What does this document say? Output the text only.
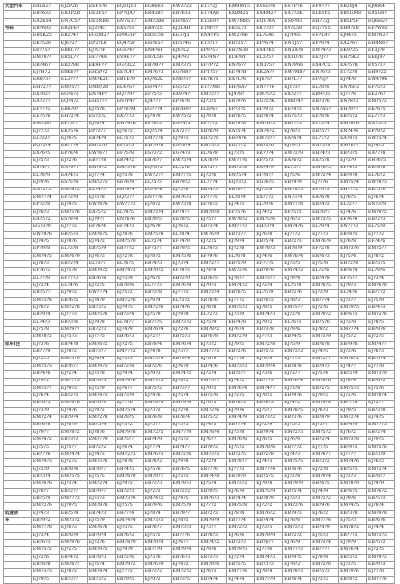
大型汽车	E8L627	EJ2P2h	EEF3?6	EQ2Q13	EG8663	EW3?22	ET7?2J	EM9M15	EVH3?6	ES7P76	EF97?7	EB20J8	EJ9664
	EB?632	ER3P2B	EE3F5?	EP?QA7	ER43B7	EB?633	ET74A6	EX8M25	EX4M2?	EX7?2K	EL65Y5	EB5GM8	EA5G8?
	EA2634	EN7C5?	EE3NR8	EN7E37	EM?2B6	EH?65?	ET2E9?	EW7M85	EQ1?6A	ES0?93	EH?72J	EB5P5F	EQ6H2?
号码	EB?693	ER2F6?	EJ3?4C	EX5?51	EB4?25	EJ2L4D	ET9P7?	EK5L71	EK7?3?	EY?L58	EQ7?55	EH9?28	EF?W92
	EB5K25	ER2?4?	EG3M2?	EP8G1P	ER5C58	EE3?J3	EN4?P5	EW2?86	EL?L46	EJ?P65	EV?L4?	EJ94?3	EM?N2?
	EK?526	EJ6?2?	EP2?L8	EQ4?5F	EH?65?	EE5?4G	ET3?1?	EB?257	EP?6?4	EN1J5?	EP?8?4	EA2?67	EH4N6?
	E8?75?	ER6C??	EJ?C?F	EG5?4?	EN4?61	EJ6?L2	EP9?57	EH?N38	EX4?K5	EN3A?8	EW?4?3	EK9?25	EF3J?9
	EM?8??	ER5L??	EF7?4A	EV9E7?	ER?L56	EJ4?93	ES?4N?	EL4?8Y	EL3?5?	EX1D?8	EE?J?7	EH?5K2	EE6J9?
	EB?46?	EB2?88	EK9F??	EG?3L2	EB?M??	EM?3?5	EF7P?2	EN?6??	EN3?5?	EN?P66	EX4?C2	EA?5?K	EY5?37
	EJ?H72	E8K6??	EH5P?2	EE?L4?	EM?6?3	EG?8B?	EP1?5?	EE?4?B	EK2A??	EW?M8?	EN?6?3	ET?2?8	EH9?25
	ER8?3?	EL3?7?	EM?K2C	EB1E?9	EQ?62L	EN6?3?	EE?K?5	EX?L?8	EJ6?5?	EB?L7?	EP?5J?	EJ?4?8	EW4?96
	EH?27?	EM?5?7	EM8?28	EL4?G?	EH?4?7	ES5?2?	ET?7M6	EH?6A?	EN?7?F	EJ1?3?	EL?8?6	EN?6F2	EF?5?3
	EX?82?	EG?6?3	EN?4P?	EQ7?9?	EF?5?3	EX9?4?	EM?2?7	EJ4?8?	EW?5?2	EX?2?7	ER9?35	EJ?7?8	EE2?6?
	EA?37?	EQ?4?2	EH5?7?	EN?P4?	EJ4?7?	EP?6?8	EJ?3?5	ER?9?6	EG?2?K	EM8?4?	EB?3?6	EN?8?3	EM?5?2
	EF?7?5	EB6?9?	EJ?5?6	EP?6?M	EG?7?4	EB?H9?	EL8?6?	EP?3?5	EF?9?2	EE?4?3	EN?A5?	EH?9?7	EK?6?5
	EE?5?6	EH?2?4	ES?3?L	EX?7?3	EJ?4?9	EW?5?2	EJ?9?8	EB?6?5	EB?8?4	EG?5?3	EF?8?6	EB?5?2	EL?7?3
	EM?26?	EF?3?7	EJ?6?4	EW?4?K	EP?8?5	EN?4?3	EF?7?2	EE?9?8	EM?6?3	ER?7?5	EY?2?4	EM?8?6	EN?3?5
	EJ?7?3	EK?5?6	EP?3?7	EJ?6?2	EQ?5?4	EA?2?7	EB?6?9	EA?5?4	EN?4?2	EJ?8?3	EB?5?7	EN?4?6	EP?9?2
	EL?32?	EJ?6?5	EB?4?9	EL?5?3	EM?7?6	EJ?9?3	EH?2?5	EH?4?6	EW?3?7	EA?6?4	EL?7?2	EA?8?3	EW?5?4
	EQ?5?4	EB?7?9	EH?2?6	EP?3?5	EW?9?8	EN?6?4	EM?5?3	ED?7?2	EB?2?6	EJ?9?5	EN?3?8	EM?6?7	EJ?4?5
	EX?6?5	EP?8?4	EW?6?7	EF?5?8	ES?3?2	EG?4?3	EL?6?8	EJ?3?5	EK?7?4	EW?2?9	EH?4?3	EB?3?5	EA?7?8
	EJ?5?3	EJ?2?6	EB?7?8	EB?4?2	EB?6?7	EW?5?4	EA?8?9	EW?7?6	EP?5?3	EA?6?2	EX?5?8	EJ?2?9	EH?6?5
	ES?4?7	EN?9?7	EH?9?2	EM?3?6	EQ?6?5	EL?2?6	EX?5?7	EM?2?8	EA?4?9	EL?3?7	EM?6?5	EF?4?3	EB?8?6
	EL?8?9	EA?4?3	EJ?7?4	EJ?5?8	EW?2?7	EM?7?5	EJ?3?6	EN?5?4	EF?8?7	EJ?5?6	EW?2?4	EB?9?8	EL?6?2
	EJ?9?6	ES?5?8	EM?2?3	EE?6?9	EL?5?3	EB?9?2	EL?7?4	EQ?3?2	EG?6?5	EB?4?9	EJ?7?6	EM?5?4	EW?8?3
	EN?2?5	EM?6?2	EL?4?5	EH?8?4	EG?4?8	EJ?5?6	EB?4?3	EB?6?7	EJ?3?8	EW?8?5	EF?9?3	EH?7?2	EK?5?6
	EM?7?4	EF?2?9	EJ?3?8	EQ?2?7	EN?7?6	EM?6?3	EP?7?5	EL?8?9	EX?7?2	EN?3?4	EA?6?8	EJ?8?5	EJ?6?4
	EP?2?8	EJ?4?5	EW?8?6	EW?7?3	EJ?8?2	EW?3?8	EF?6?2	EJ?4?3	EL?9?6	EM?7?8	EB?4?2	EL?2?7	EN?3?9
	EJ?6?3	EM?3?6	EA?5?2	EL?9?5	EM?3?4	EP?4?7	EM?9?8	EF?5?6	EJ?4?2	EF?5?3	EH?8?7	EJ?4?6	EM?9?5
	EA?5?2	ES?9?4	EJ?9?7	EN?6?8	EB?9?5	EE?8?5	EJ?5?7	EW?8?2	EM?5?6	EJ?6?2	EW?3?5	EF?6?8	EB?2?3
	EG?3?9	EJ?7?2	EF?8?4	EF?4?3	EJ?6?9	EJ?6?2	EB?3?4	EM?7?3	EH?3?9	EM?4?6	EL?9?4	EN?7?3	EL?5?8
	EW?8?6	EB?5?3	EM?6?5	EJ?8?6	EM?5?8	EL?8?4	EW?6?9	EB?3?7	EJ?6?8	EJ?7?2	EJ?7?3	EB?8?5	EJ?7?2
	EJ?4?5	EJ?8?6	EJ?4?2	EM?5?9	EL?2?4	EF?4?9	EJ?2?5	EJ?9?4	EB?5?4	EB?2?3	EM?6?9	EJ?6?8	EF?4?6
	EP?9?8	EL?3?8	EB?5?9	EB?7?2	EF?3?7	EB?9?5	EL?8?3	EJ?2?8	EW?8?3	EH?8?9	EF?2?8	EM?3?6	EM?5?7
	EM?4?5	EM?6?9	EJ?6?3	EJ?2?8	EJ?8?5	EM?5?6	EF?9?6	EL?6?8	EJ?4?6	EW?6?4	EB?6?3	EJ?5?4	EJ?8?2
	EJ?8?3	EB?2?4	EL?3?7	EL?6?5	EB?4?3	EJ?3?4	EM?2?7	EB?5?9	EF?7?5	EJ?3?5	EJ?5?8	EH?2?8	EB?3?5
	EF?6?2	EJ?5?8	EM?9?2	EM?4?3	EM?9?2	EF?8?3	EJ?4?8	EW?2?6	EB?9?8	EM?4?2	EL?2?6	EB?6?4	EL?9?6
	EL?7?9	EF?7?3	EB?6?8	EJ?3?9	EJ?6?5	EB?2?9	EB?6?5	EJ?8?7	EM?3?7	EJ?9?4	EB?4?8	EF?5?7	EJ?3?4
	EJ?2?4	EL?4?6	EJ?2?5	EB?8?6	EL?7?3	EM?6?8	EJ?9?3	EM?4?2	EJ?2?4	EL?5?8	EM?8?5	EJ?9?3	EM?6?8
	EB?5?7	EJ?9?2	EW?7?4	EJ?5?2	EB?3?8	EJ?7?3	EM?3?4	EB?6?5	EL?5?9	EB?2?6	EJ?3?9	EL?4?6	EB?7?2
	EM?3?8	EB?6?5	EJ?8?9	EM?2?6	EJ?9?4	EL?5?2	EB?8?6	EJ?7?2	EB?6?2	EJ?8?3	EB?7?4	EJ?2?7	EJ?5?9
	EJ?6?2	EM?2?8	EB?3?2	EJ?9?5	EM?2?6	EB?4?6	EJ?6?8	EM?5?3	EJ?8?5	EM?5?7	EJ?2?6	EM?9?5	EB?4?3
	EB?9?4	EJ?7?3	EM?5?6	EB?3?4	EJ?5?9	EJ?9?8	EL?2?3	EJ?3?9	EM?4?3	EJ?2?4	EM?9?2	EB?6?3	EM?2?6
	EL?4?3	EB?3?6	EJ?9?8	EL?8?7	EB?7?5	EM?3?2	EJ?5?9	EB?4?8	EJ?9?2	EL?6?3	EB?5?6	EJ?3?8	EJ?8?5
	EJ?5?8	EM?9?7	EB?2?3	EJ?4?9	EM?6?4	EJ?2?6	EM?8?2	EJ?6?4	EB?3?8	EJ?9?6	EJ?8?2	EM?7?4	EB?9?6
	EM?8?2	EJ?5?3	EJ?7?5	EB?6?3	EJ?2?7	EB?5?3	EB?6?8	EM?2?9	EJ?7?3	EB?4?5	EM?3?9	EJ?5?2	EJ?2?5
挂车(注	EJ?3?6	EB?4?8	EM?6?2	EJ?2?5	EB?8?4	EM?6?4	EJ?3?2	EJ?9?5	EM?2?8	EJ?5?9	EB?6?8	EB?9?8	EM?4?7
	EB?7?9	EJ?8?2	EB?3?7	EM?7?2	EJ?4?8	EJ?3?7	EM?7?5	EB?2?6	EB?5?2	EM?3?2	EJ?4?5	EJ?3?6	EJ?6?3
	EJ?2?5	EM?3?9	EJ?6?4	EJ?5?3	EM?5?9	EB?9?4	EJ?8?9	EJ?7?8	EJ?6?9	EJ?7?5	EM?2?7	EM?6?2	EB?5?4
	EM?5?3	EB?6?7	EM?9?3	EB?2?8	EB?2?6	EJ?6?9	EB?4?6	EM?3?3	EM?9?4	EB?8?8	EB?9?3	EJ?4?7	EJ?7?8
	EB?4?6	EJ?2?4	EJ?3?8	EJ?9?4	EJ?9?3	EM?4?5	EJ?2?4	EB?5?7	EJ?3?6	EJ?2?7	EJ?5?4	EB?2?9	EM?3?9
	EJ?9?2	EM?7?5	EB?8?5	EM?4?6	EM?3?5	EJ?8?2	EM?5?7	EJ?4?2	EB?7?5	EM?6?4	EM?8?6	EJ?8?4	EB?6?2
	EM?3?7	EJ?9?3	EJ?2?9	EJ?6?7	EB?5?2	EB?3?7	EJ?9?3	EM?6?4	EM?4?7	EJ?3?8	EB?2?5	EM?5?3	EJ?5?6
	EJ?6?4	EB?2?5	EM?4?3	EB?3?9	EJ?4?6	EJ?5?4	EB?3?8	EJ?2?5	EJ?8?2	EB?9?6	EJ?9?2	EJ?2?6	EM?8?4
	EB?8?5	EM?6?8	EB?6?9	EJ?7?6	EM?8?9	EM?9?6	EJ?6?5	EB?8?3	EB?6?3	EJ?4?2	EM?4?8	EB?7?8	EJ?2?7
	EJ?3?9	EJ?4?6	EJ?9?2	EM?5?4	EJ?3?2	EJ?2?8	EM?2?6	EJ?9?6	EJ?5?7	EM?8?5	EJ?6?3	EJ?9?5	EB?3?8
	EM?2?4	EB?9?4	EM?2?8	EB?8?5	EB?6?8	EB?8?4	EB?5?2	EM?4?9	EM?3?2	EB?3?6	EB?8?9	EM?2?4	EJ?4?5
	EB?6?8	EJ?6?9	EB?5?4	EJ?3?2	EJ?5?7	EJ?3?5	EJ?4?3	EB?7?4	EJ?2?9	EJ?5?5	EJ?3?7	EB?4?9	EM?7?3
	EJ?9?7	EM?8?2	EJ?8?6	EM?9?8	EM?2?5	EM?7?9	EM?8?4	EJ?3?8	EB?9?4	EM?2?3	EM?5?2	EJ?6?2	EB?2?4
	EM?4?2	EB?3?3	EM?7?9	EB?5?7	EB?4?9	EJ?5?3	EJ?6?7	EM?6?6	EJ?6?5	EJ?6?9	EB?2?4	EM?3?8	EJ?9?5
	EJ?5?5	EJ?5?7	EB?2?2	EJ?6?4	EJ?7?4	EB?4?7	EB?9?2	EJ?5?2	EM?8?6	EB?7?2	EJ?7?5	EB?9?3	EM?5?6
	EB?7?6	EM?4?4	EJ?4?3	EM?2?3	EM?6?3	EM?2?6	EM?3?5	EB?2?5	EB?2?8	EJ?4?3	EM?6?7	EJ?7?7	EB?3?9
	EM?9?3	EJ?2?2	EM?3?6	EJ?8?8	EB?8?2	EJ?9?8	EJ?2?9	EM?8?7	EJ?4?3	EM?5?5	EB?3?2	EM?4?6	EJ?6?2
	EJ?2?9	EB?8?6	EB?8?7	EB?4?5	EJ?5?6	EB?6?5	EB?7?6	EJ?7?3	EM?7?4	EB?6?6	EJ?2?8	EB?5?5	EM?2?4
	EB?3?4	EM?5?5	EJ?5?5	EM?6?9	EM?9?7	EJ?3?3	EM?4?8	EB?9?9	EB?5?5	EJ?2?8	EM?9?4	EJ?2?3	EB?8?7
	EM?6?6	EJ?3?4	EM?2?4	EJ?9?2	EB?3?3	EM?8?3	EJ?5?4	EM?3?2	EJ?9?8	EM?9?9	EB?6?5	EM?8?9	EJ?4?9
	EJ?8?7	EB?2?7	EB?9?7	EB?2?3	EJ?2?3	EB?2?2	EB?9?5	EJ?6?9	EM?5?9	EB?5?4	EJ?4?9	EB?6?5	EM?6?2
	EB?5?9	EM?7?3	EJ?3?3	EM?3?8	EM?4?2	EJ?4?5	EM?6?3	EB?4?4	EB?8?9	EJ?3?3	EM?2?2	EJ?9?6	EB?5?3
	EM?2?6	EJ?9?5	EM?8?8	EJ?5?5	EB?9?6	EM?5?9	EJ?7?2	EM?5?8	EJ?2?2	EM?2?6	EB?9?6	EM?4?5	EJ?8?4
低速货	EJ?4?3	EB?5?8	EB?4?3	EB?7?4	EJ?8?4	EB?9?7	EB?2?2	EJ?8?8	EM?6?2	EB?9?3	EJ?6?2	EB?3?8	EM?9?8
车	EB?9?2	EM?3?2	EJ?5?9	EM?4?4	EM?3?3	EJ?8?5	EM?9?9	EB?7?4	EB?4?4	EJ?8?6	EM?7?6	EJ?5?3	EB?6?6
	EM?7?8	EJ?6?3	EM?6?6	EJ?3?5	EB?6?7	EM?3?3	EJ?3?7	EM?2?2	EJ?3?5	EM?3?3	EB?4?9	EM?8?2	EJ?4?4
	EJ?3?4	EB?8?9	EB?9?4	EB?6?2	EJ?5?5	EB?7?6	EB?8?3	EJ?6?6	EM?9?9	EB?2?2	EJ?5?3	EB?7?3	EM?3?3
	EB?6?3	EM?9?6	EJ?2?6	EM?8?9	EM?9?4	EJ?6?7	EM?4?2	EB?3?3	EB?6?7	EJ?6?9	EM?3?4	EJ?9?9	EB?5?2
	EM?5?2	EJ?2?5	EM?9?5	EJ?9?9	EB?7?9	EM?9?4	EJ?9?6	EM?9?5	EJ?7?6	EM?7?3	EB?7?7	EM?6?4	EJ?2?5
	EJ?2?6	EB?4?2	EB?8?3	EB?2?6	EJ?3?6	EB?6?3	EB?3?3	EJ?2?4	EM?4?3	EB?9?5	EJ?8?8	EB?2?2	EM?9?2
	EB?8?8	EM?6?7	EJ?5?4	EM?9?2	EM?6?9	EJ?4?2	EM?8?6	EB?5?5	EB?3?3	EJ?9?2	EM?2?8	EJ?3?5	EB?9?3
	EM?3?3	EJ?8?2	EM?4?4	EJ?7?2	EB?3?2	EM?2?2	EJ?6?3	EM?7?6	EJ?8?4	EM?8?3	EB?5?3	EM?9?6	EJ?7?8
	EJ?9?5	EB?3?7	EB?3?2	EB?9?5	EJ?9?2	EB?3?5	EB?4?4	EJ?4?4	EM?7?9	EB?6?4	EJ?3?2	EB?8?2	EM?7?6
